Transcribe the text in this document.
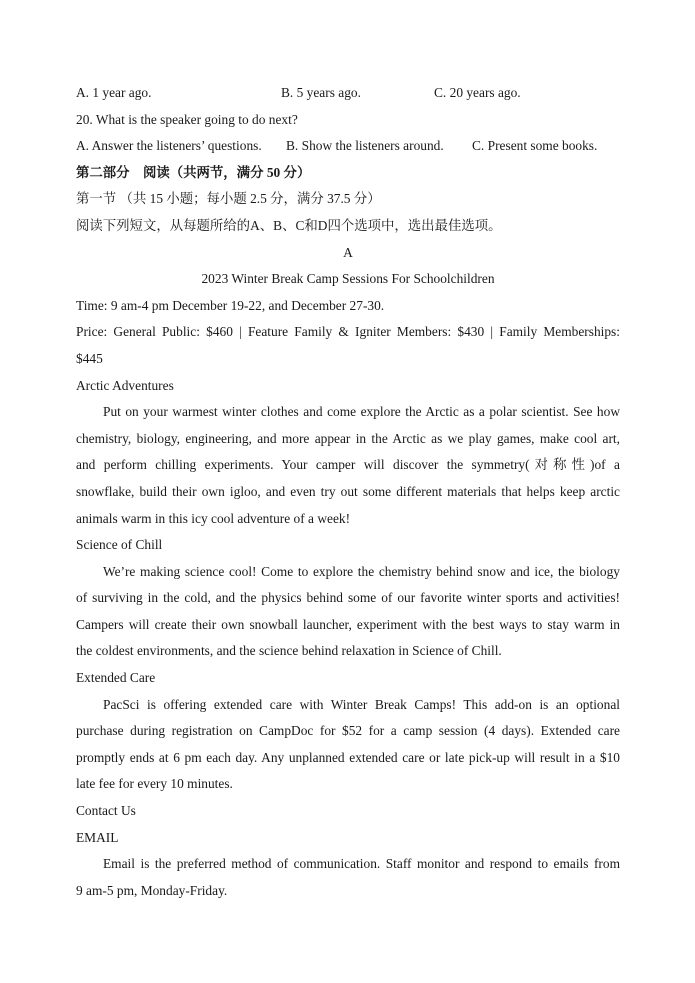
A. 1 year ago.	B. 5 years ago.	C. 20 years ago.
20. What is the speaker going to do next?
A. Answer the listeners’ questions. B. Show the listeners around. C. Present some books.
第二部分　阅读（共两节，满分 50 分）
第一节 （共 15 小题；每小题 2.5 分，满分 37.5 分）
阅读下列短文，从每题所给的A、B、C和D四个选项中，选出最佳选项。
A
2023 Winter Break Camp Sessions For Schoolchildren
Time: 9 am-4 pm December 19-22, and December 27-30.
Price: General Public: $460 | Feature Family & Igniter Members: $430 | Family Memberships:
$445
Arctic Adventures
Put on your warmest winter clothes and come explore the Arctic as a polar scientist. See how
chemistry, biology, engineering, and more appear in the Arctic as we play games, make cool art,
and perform chilling experiments. Your camper will discover the symmetry(对称性)of a
snowflake, build their own igloo, and even try out some different materials that helps keep arctic
animals warm in this icy cool adventure of a week!
Science of Chill
We’re making science cool! Come to explore the chemistry behind snow and ice, the biology
of surviving in the cold, and the physics behind some of our favorite winter sports and activities!
Campers will create their own snowball launcher, experiment with the best ways to stay warm in
the coldest environments, and the science behind relaxation in Science of Chill.
Extended Care
PacSci is offering extended care with Winter Break Camps! This add-on is an optional
purchase during registration on CampDoc for $52 for a camp session (4 days). Extended care
promptly ends at 6 pm each day. Any unplanned extended care or late pick-up will result in a $10
late fee for every 10 minutes.
Contact Us
EMAIL
Email is the preferred method of communication. Staff monitor and respond to emails from
9 am-5 pm, Monday-Friday.
